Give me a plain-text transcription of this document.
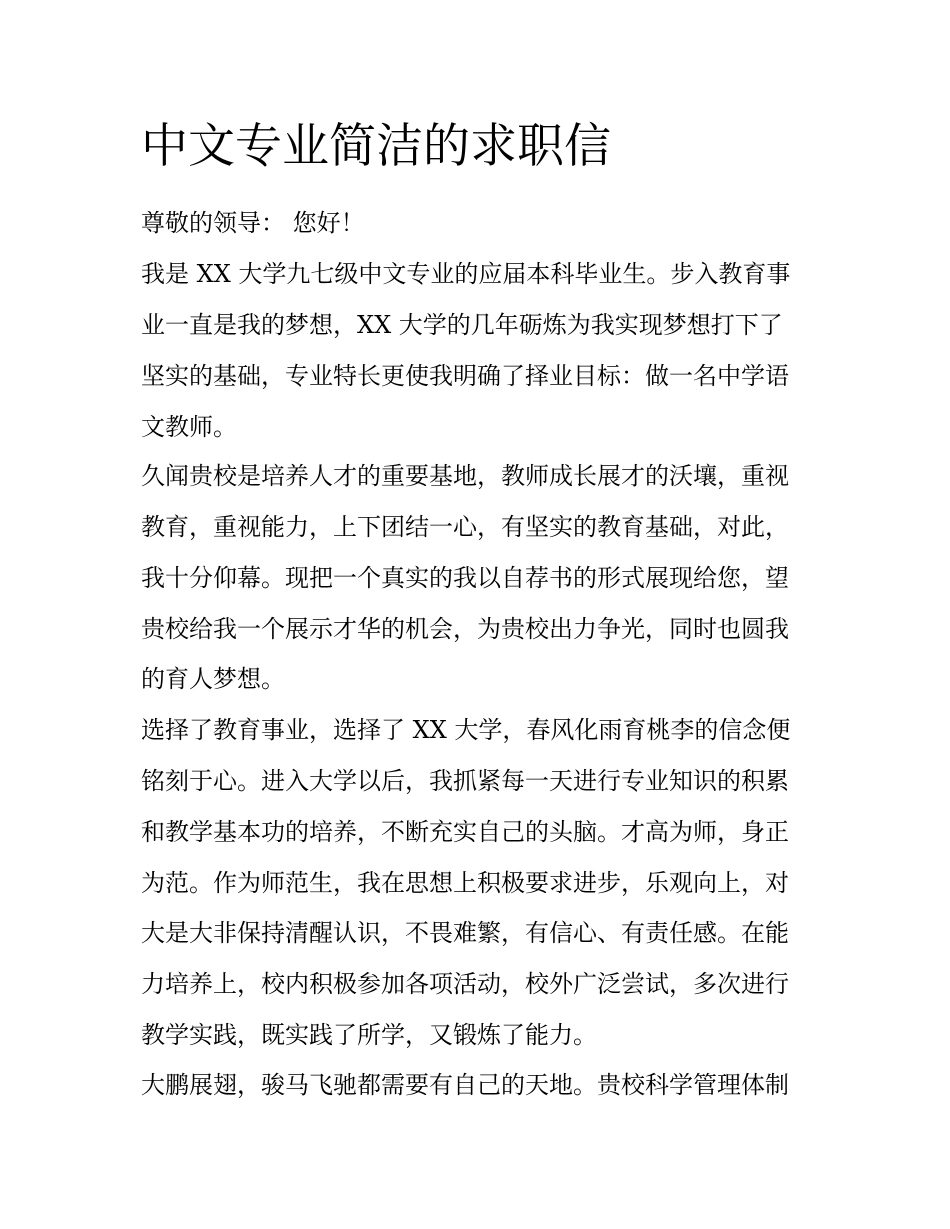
中文专业简洁的求职信

尊敬的领导： 您好！

我是 XX 大学九七级中文专业的应届本科毕业生。步入教育事

业一直是我的梦想，XX 大学的几年砺炼为我实现梦想打下了

坚实的基础，专业特长更使我明确了择业目标：做一名中学语

文教师。

久闻贵校是培养人才的重要基地，教师成长展才的沃壤，重视

教育，重视能力，上下团结一心，有坚实的教育基础，对此，

我十分仰幕。现把一个真实的我以自荐书的形式展现给您，望

贵校给我一个展示才华的机会，为贵校出力争光，同时也圆我

的育人梦想。

选择了教育事业，选择了 XX 大学，春风化雨育桃李的信念便

铭刻于心。进入大学以后，我抓紧每一天进行专业知识的积累

和教学基本功的培养，不断充实自己的头脑。才高为师，身正

为范。作为师范生，我在思想上积极要求进步，乐观向上，对

大是大非保持清醒认识，不畏难繁，有信心、有责任感。在能

力培养上，校内积极参加各项活动，校外广泛尝试，多次进行

教学实践，既实践了所学，又锻炼了能力。

大鹏展翅，骏马飞驰都需要有自己的天地。贵校科学管理体制
